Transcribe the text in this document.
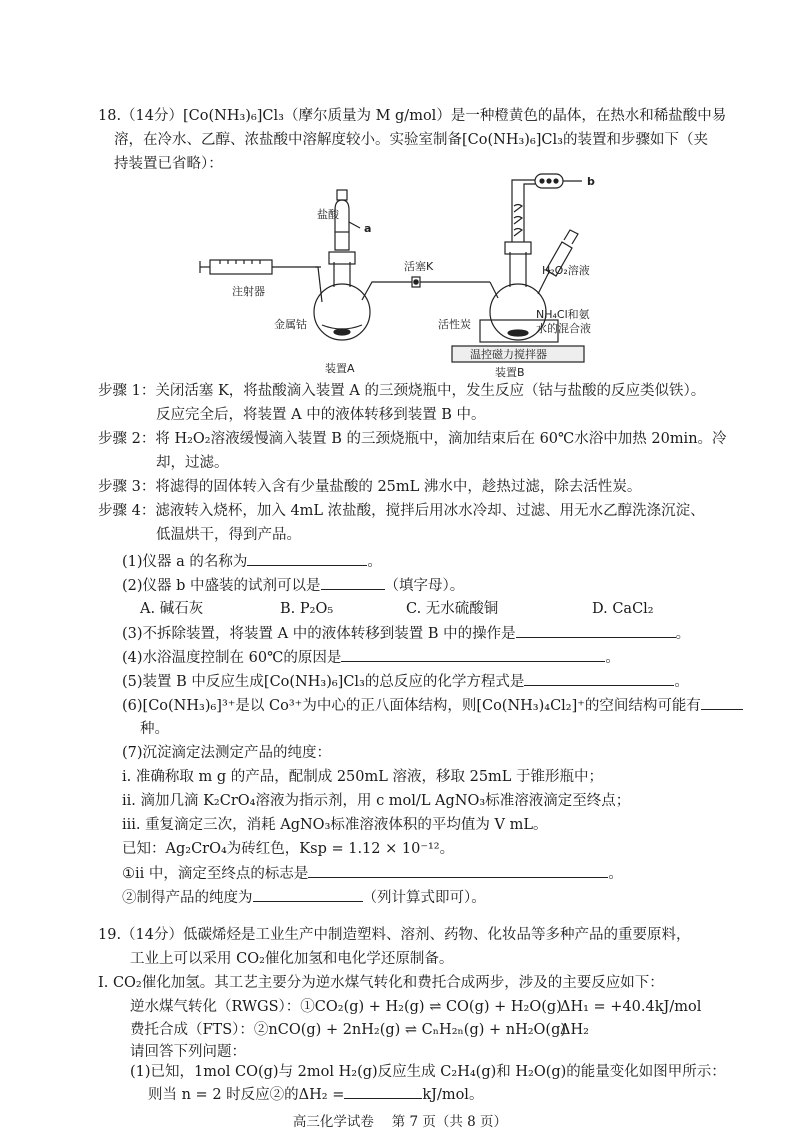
18.（14分）[Co(NH₃)₆]Cl₃（摩尔质量为 M g/mol）是一种橙黄色的晶体，在热水和稀盐酸中易
溶，在冷水、乙醇、浓盐酸中溶解度较小。实验室制备[Co(NH₃)₆]Cl₃的装置和步骤如下（夹
持装置已省略）：
盐酸
a
b
活塞K
注射器
金属钴
H₂O₂溶液
NH₄Cl和氨
水的混合液
活性炭
温控磁力搅拌器
装置A	装置B
步骤 1：关闭活塞 K，将盐酸滴入装置 A 的三颈烧瓶中，发生反应（钴与盐酸的反应类似铁）。
反应完全后，将装置 A 中的液体转移到装置 B 中。
步骤 2：将 H₂O₂溶液缓慢滴入装置 B 的三颈烧瓶中，滴加结束后在 60℃水浴中加热 20min。冷
却，过滤。
步骤 3：将滤得的固体转入含有少量盐酸的 25mL 沸水中，趁热过滤，除去活性炭。
步骤 4：滤液转入烧杯，加入 4mL 浓盐酸，搅拌后用冰水冷却、过滤、用无水乙醇洗涤沉淀、
低温烘干，得到产品。
(1)仪器 a 的名称为	。
(2)仪器 b 中盛装的试剂可以是	（填字母）。
A. 碱石灰	B. P₂O₅	C. 无水硫酸铜	D. CaCl₂
(3)不拆除装置，将装置 A 中的液体转移到装置 B 中的操作是	。
(4)水浴温度控制在 60℃的原因是	。
(5)装置 B 中反应生成[Co(NH₃)₆]Cl₃的总反应的化学方程式是	。
(6)[Co(NH₃)₆]³⁺是以 Co³⁺为中心的正八面体结构，则[Co(NH₃)₄Cl₂]⁺的空间结构可能有
种。
(7)沉淀滴定法测定产品的纯度：
i. 准确称取 m g 的产品，配制成 250mL 溶液，移取 25mL 于锥形瓶中；
ii. 滴加几滴 K₂CrO₄溶液为指示剂，用 c mol/L AgNO₃标准溶液滴定至终点；
iii. 重复滴定三次，消耗 AgNO₃标准溶液体积的平均值为 V mL。
已知：Ag₂CrO₄为砖红色，Ksp = 1.12 × 10⁻¹²。
①ii 中，滴定至终点的标志是	。
②制得产品的纯度为	（列计算式即可）。
19.（14分）低碳烯烃是工业生产中制造塑料、溶剂、药物、化妆品等多种产品的重要原料，
工业上可以采用 CO₂催化加氢和电化学还原制备。
Ⅰ. CO₂催化加氢。其工艺主要分为逆水煤气转化和费托合成两步，涉及的主要反应如下：
逆水煤气转化（RWGS）：①CO₂(g) + H₂(g) ⇌ CO(g) + H₂O(g)
ΔH₁ = +40.4kJ/mol
费托合成（FTS）：②nCO(g) + 2nH₂(g) ⇌ CₙH₂ₙ(g) + nH₂O(g)
ΔH₂
请回答下列问题：
(1)已知，1mol CO(g)与 2mol H₂(g)反应生成 C₂H₄(g)和 H₂O(g)的能量变化如图甲所示：
则当 n = 2 时反应②的ΔH₂ =	kJ/mol。
高三化学试卷　 第 7 页（共 8 页）
